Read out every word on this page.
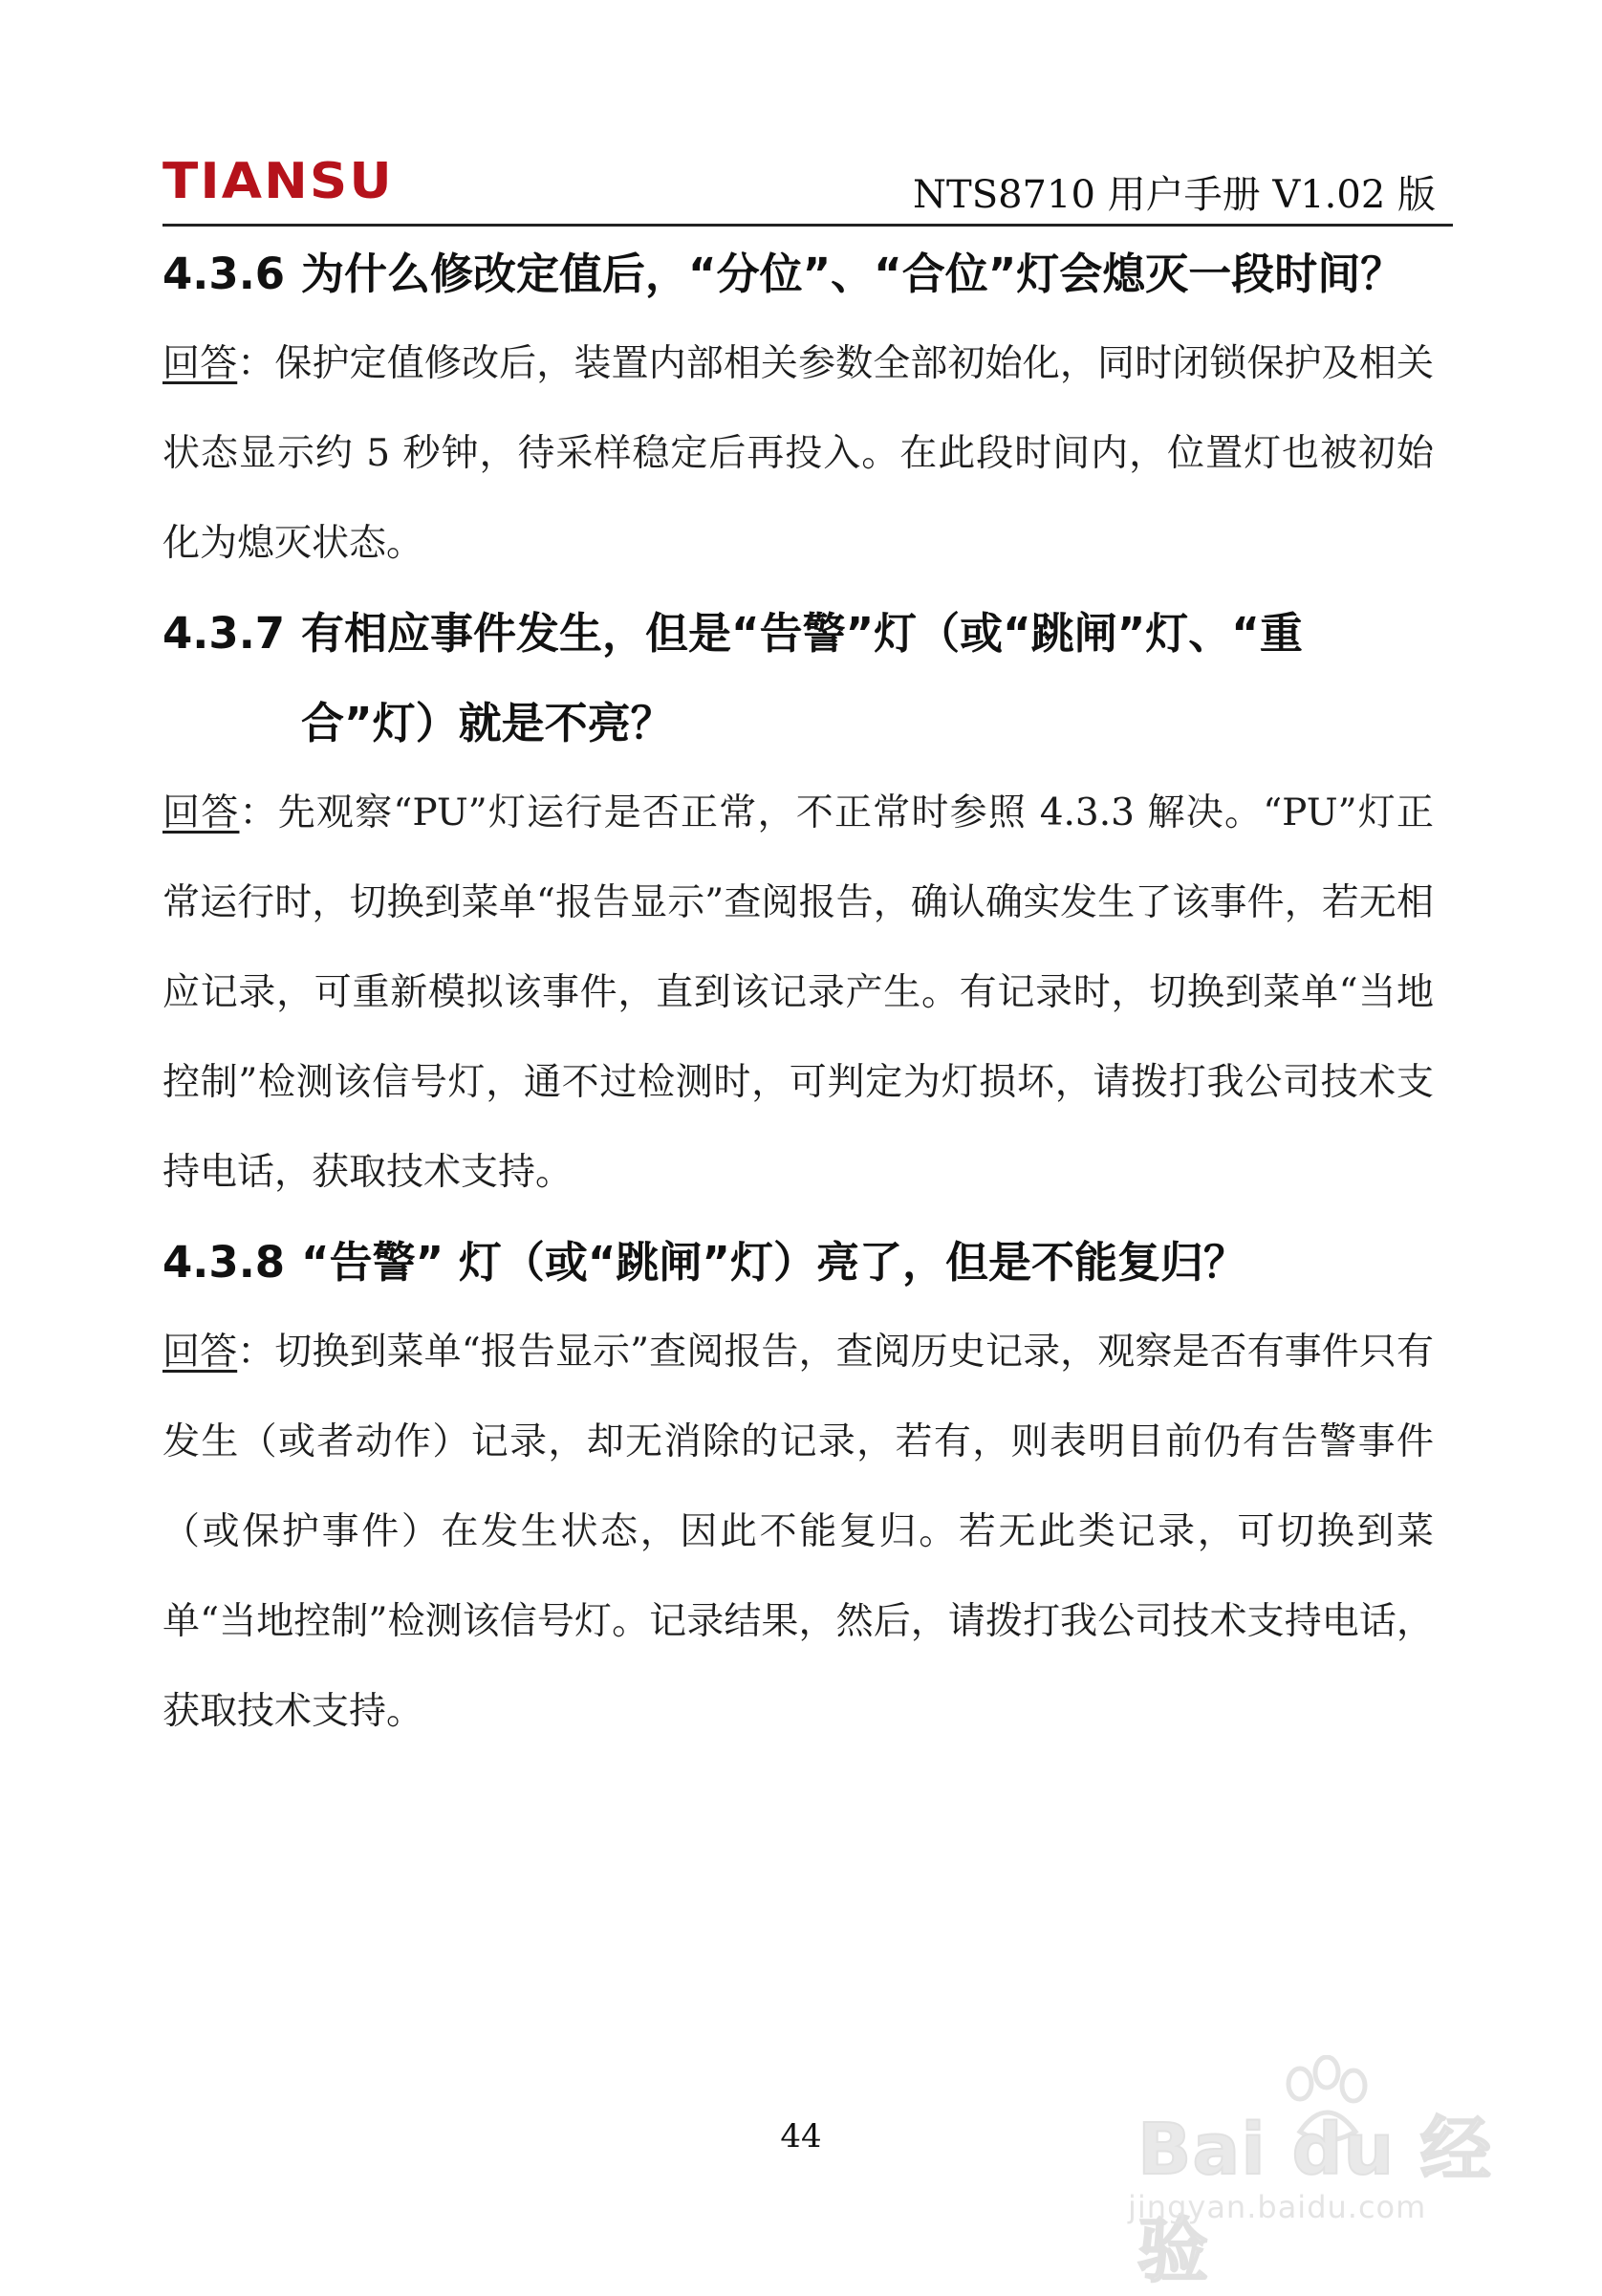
TIANSU	NTS8710 用户手册 V1.02 版
4.3.6 为什么修改定值后，“分位”、“合位”灯会熄灭一段时间？

回答：保护定值修改后，装置内部相关参数全部初始化，同时闭锁保护及相关状态显示约 5 秒钟，待采样稳定后再投入。在此段时间内，位置灯也被初始化为熄灭状态。

4.3.7 有相应事件发生，但是“告警”灯（或“跳闸”灯、“重合”灯）就是不亮？

回答：先观察“PU”灯运行是否正常，不正常时参照 4.3.3 解决。“PU”灯正常运行时，切换到菜单“报告显示”查阅报告，确认确实发生了该事件，若无相应记录，可重新模拟该事件，直到该记录产生。有记录时，切换到菜单“当地控制”检测该信号灯，通不过检测时，可判定为灯损坏，请拨打我公司技术支持电话，获取技术支持。

4.3.8 “告警” 灯（或“跳闸”灯）亮了，但是不能复归？

回答：切换到菜单“报告显示”查阅报告，查阅历史记录，观察是否有事件只有发生（或者动作）记录，却无消除的记录，若有，则表明目前仍有告警事件（或保护事件）在发生状态，因此不能复归。若无此类记录，可切换到菜单“当地控制”检测该信号灯。记录结果，然后，请拨打我公司技术支持电话，获取技术支持。

44	Bai du 经验
jingyan.baidu.com
